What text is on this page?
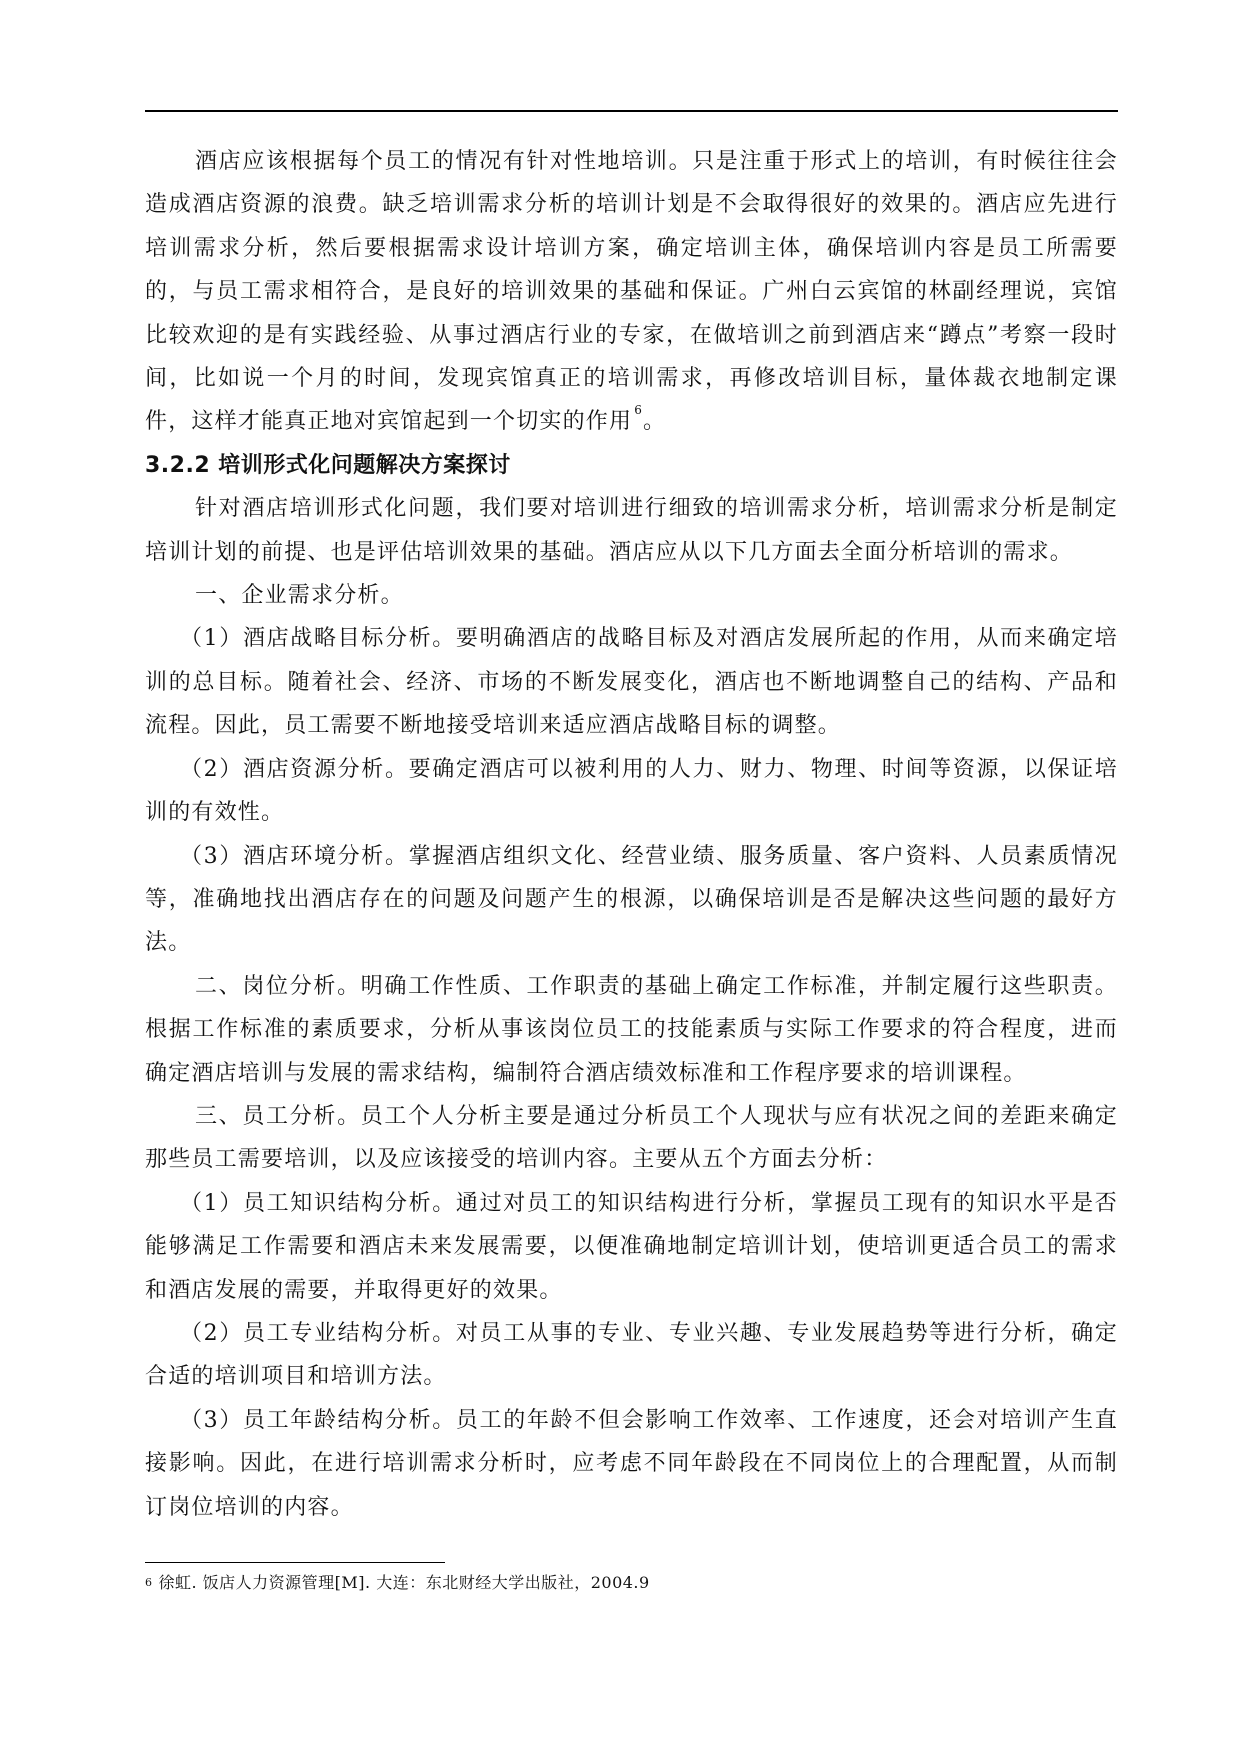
酒店应该根据每个员工的情况有针对性地培训。只是注重于形式上的培训，有时候往往会造成酒店资源的浪费。缺乏培训需求分析的培训计划是不会取得很好的效果的。酒店应先进行培训需求分析，然后要根据需求设计培训方案，确定培训主体，确保培训内容是员工所需要的，与员工需求相符合，是良好的培训效果的基础和保证。广州白云宾馆的林副经理说，宾馆比较欢迎的是有实践经验、从事过酒店行业的专家，在做培训之前到酒店来“蹲点”考察一段时间，比如说一个月的时间，发现宾馆真正的培训需求，再修改培训目标，量体裁衣地制定课件，这样才能真正地对宾馆起到一个切实的作用 $^6$。

3.2.2 培训形式化问题解决方案探讨

针对酒店培训形式化问题，我们要对培训进行细致的培训需求分析，培训需求分析是制定培训计划的前提、也是评估培训效果的基础。酒店应从以下几方面去全面分析培训的需求。

一、企业需求分析。

（1）酒店战略目标分析。要明确酒店的战略目标及对酒店发展所起的作用，从而来确定培训的总目标。随着社会、经济、市场的不断发展变化，酒店也不断地调整自己的结构、产品和流程。因此，员工需要不断地接受培训来适应酒店战略目标的调整。

（2）酒店资源分析。要确定酒店可以被利用的人力、财力、物理、时间等资源，以保证培训的有效性。

（3）酒店环境分析。掌握酒店组织文化、经营业绩、服务质量、客户资料、人员素质情况等，准确地找出酒店存在的问题及问题产生的根源，以确保培训是否是解决这些问题的最好方法。

二、岗位分析。明确工作性质、工作职责的基础上确定工作标准，并制定履行这些职责。根据工作标准的素质要求，分析从事该岗位员工的技能素质与实际工作要求的符合程度，进而确定酒店培训与发展的需求结构，编制符合酒店绩效标准和工作程序要求的培训课程。

三、员工分析。员工个人分析主要是通过分析员工个人现状与应有状况之间的差距来确定那些员工需要培训，以及应该接受的培训内容。主要从五个方面去分析：

（1）员工知识结构分析。通过对员工的知识结构进行分析，掌握员工现有的知识水平是否能够满足工作需要和酒店未来发展需要，以便准确地制定培训计划，使培训更适合员工的需求和酒店发展的需要，并取得更好的效果。

（2）员工专业结构分析。对员工从事的专业、专业兴趣、专业发展趋势等进行分析，确定合适的培训项目和培训方法。

（3）员工年龄结构分析。员工的年龄不但会影响工作效率、工作速度，还会对培训产生直接影响。因此，在进行培训需求分析时，应考虑不同年龄段在不同岗位上的合理配置，从而制订岗位培训的内容。

$^6$ 徐虹. 饭店人力资源管理[M]. 大连：东北财经大学出版社，2004.9
